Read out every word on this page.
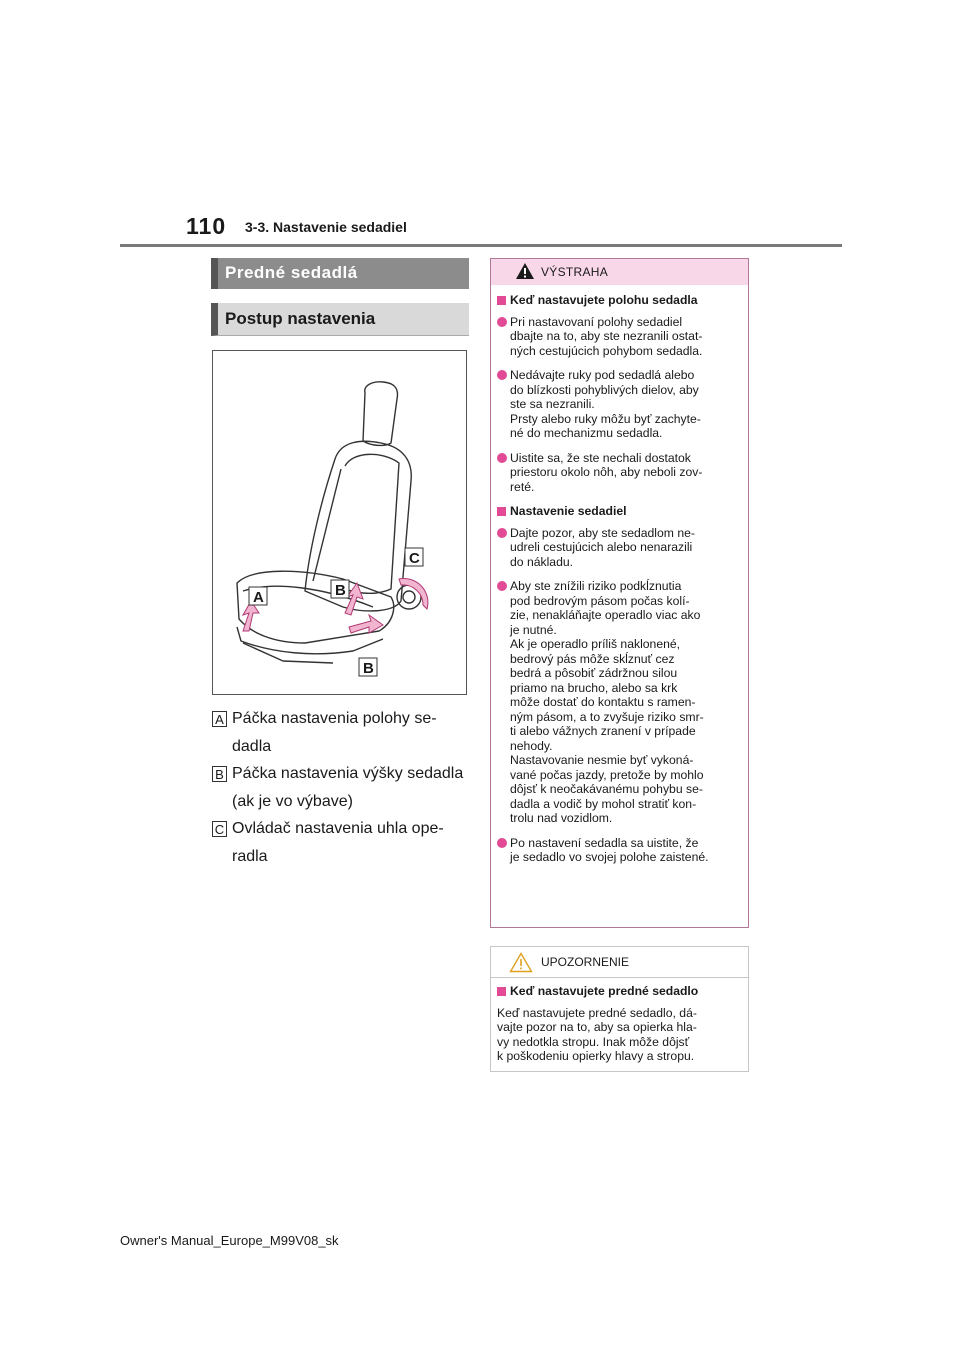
110 3-3. Nastavenie sedadiel
Predné sedadlá
Postup nastavenia
A	B
C
B
A Páčka nastavenia polohy se-
dadla
B Páčka nastavenia výšky sedadla
(ak je vo výbave)
C Ovládač nastavenia uhla ope-
radla
VÝSTRAHA
Keď nastavujete polohu sedadla
Pri nastavovaní polohy sedadiel
dbajte na to, aby ste nezranili ostat-
ných cestujúcich pohybom sedadla.
Nedávajte ruky pod sedadlá alebo
do blízkosti pohyblivých dielov, aby
ste sa nezranili.
Prsty alebo ruky môžu byť zachyte-
né do mechanizmu sedadla.
Uistite sa, že ste nechali dostatok
priestoru okolo nôh, aby neboli zov-
reté.
Nastavenie sedadiel
Dajte pozor, aby ste sedadlom ne-
udreli cestujúcich alebo nenarazili
do nákladu.
Aby ste znížili riziko podkĺznutia
pod bedrovým pásom počas kolí-
zie, nenakláňajte operadlo viac ako
je nutné.
Ak je operadlo príliš naklonené,
bedrový pás môže skĺznuť cez
bedrá a pôsobiť zádržnou silou
priamo na brucho, alebo sa krk
môže dostať do kontaktu s ramen-
ným pásom, a to zvyšuje riziko smr-
ti alebo vážnych zranení v prípade
nehody.
Nastavovanie nesmie byť vykoná-
vané počas jazdy, pretože by mohlo
dôjsť k neočakávanému pohybu se-
dadla a vodič by mohol stratiť kon-
trolu nad vozidlom.
Po nastavení sedadla sa uistite, že
je sedadlo vo svojej polohe zaistené.
UPOZORNENIE
Keď nastavujete predné sedadlo
Keď nastavujete predné sedadlo, dá-
vajte pozor na to, aby sa opierka hla-
vy nedotkla stropu. Inak môže dôjsť
k poškodeniu opierky hlavy a stropu.
Owner's Manual_Europe_M99V08_sk
